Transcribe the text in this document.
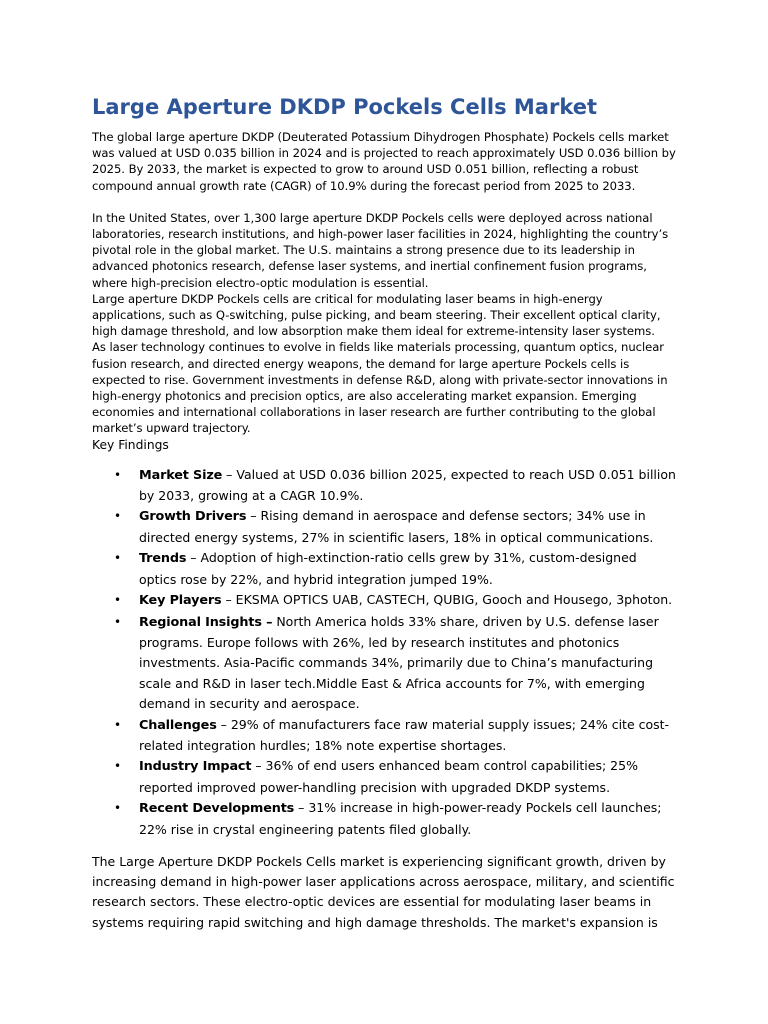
Large Aperture DKDP Pockels Cells Market

The global large aperture DKDP (Deuterated Potassium Dihydrogen Phosphate) Pockels cells market was valued at USD 0.035 billion in 2024 and is projected to reach approximately USD 0.036 billion by 2025. By 2033, the market is expected to grow to around USD 0.051 billion, reflecting a robust compound annual growth rate (CAGR) of 10.9% during the forecast period from 2025 to 2033.

In the United States, over 1,300 large aperture DKDP Pockels cells were deployed across national laboratories, research institutions, and high-power laser facilities in 2024, highlighting the country’s pivotal role in the global market. The U.S. maintains a strong presence due to its leadership in advanced photonics research, defense laser systems, and inertial confinement fusion programs, where high-precision electro-optic modulation is essential.

Large aperture DKDP Pockels cells are critical for modulating laser beams in high-energy applications, such as Q-switching, pulse picking, and beam steering. Their excellent optical clarity, high damage threshold, and low absorption make them ideal for extreme-intensity laser systems.

As laser technology continues to evolve in fields like materials processing, quantum optics, nuclear fusion research, and directed energy weapons, the demand for large aperture Pockels cells is expected to rise. Government investments in defense R&D, along with private-sector innovations in high-energy photonics and precision optics, are also accelerating market expansion. Emerging economies and international collaborations in laser research are further contributing to the global market’s upward trajectory.

Key Findings

• Market Size – Valued at USD 0.036 billion 2025, expected to reach USD 0.051 billion by 2033, growing at a CAGR 10.9%.
• Growth Drivers – Rising demand in aerospace and defense sectors; 34% use in directed energy systems, 27% in scientific lasers, 18% in optical communications.
• Trends – Adoption of high-extinction-ratio cells grew by 31%, custom-designed optics rose by 22%, and hybrid integration jumped 19%.
• Key Players – EKSMA OPTICS UAB, CASTECH, QUBIG, Gooch and Housego, 3photon.
• Regional Insights – North America holds 33% share, driven by U.S. defense laser programs. Europe follows with 26%, led by research institutes and photonics investments. Asia-Pacific commands 34%, primarily due to China’s manufacturing scale and R&D in laser tech.Middle East & Africa accounts for 7%, with emerging demand in security and aerospace.
• Challenges – 29% of manufacturers face raw material supply issues; 24% cite cost-related integration hurdles; 18% note expertise shortages.
• Industry Impact – 36% of end users enhanced beam control capabilities; 25% reported improved power-handling precision with upgraded DKDP systems.
• Recent Developments – 31% increase in high-power-ready Pockels cell launches; 22% rise in crystal engineering patents filed globally.

The Large Aperture DKDP Pockels Cells market is experiencing significant growth, driven by increasing demand in high-power laser applications across aerospace, military, and scientific research sectors. These electro-optic devices are essential for modulating laser beams in systems requiring rapid switching and high damage thresholds. The market's expansion is
